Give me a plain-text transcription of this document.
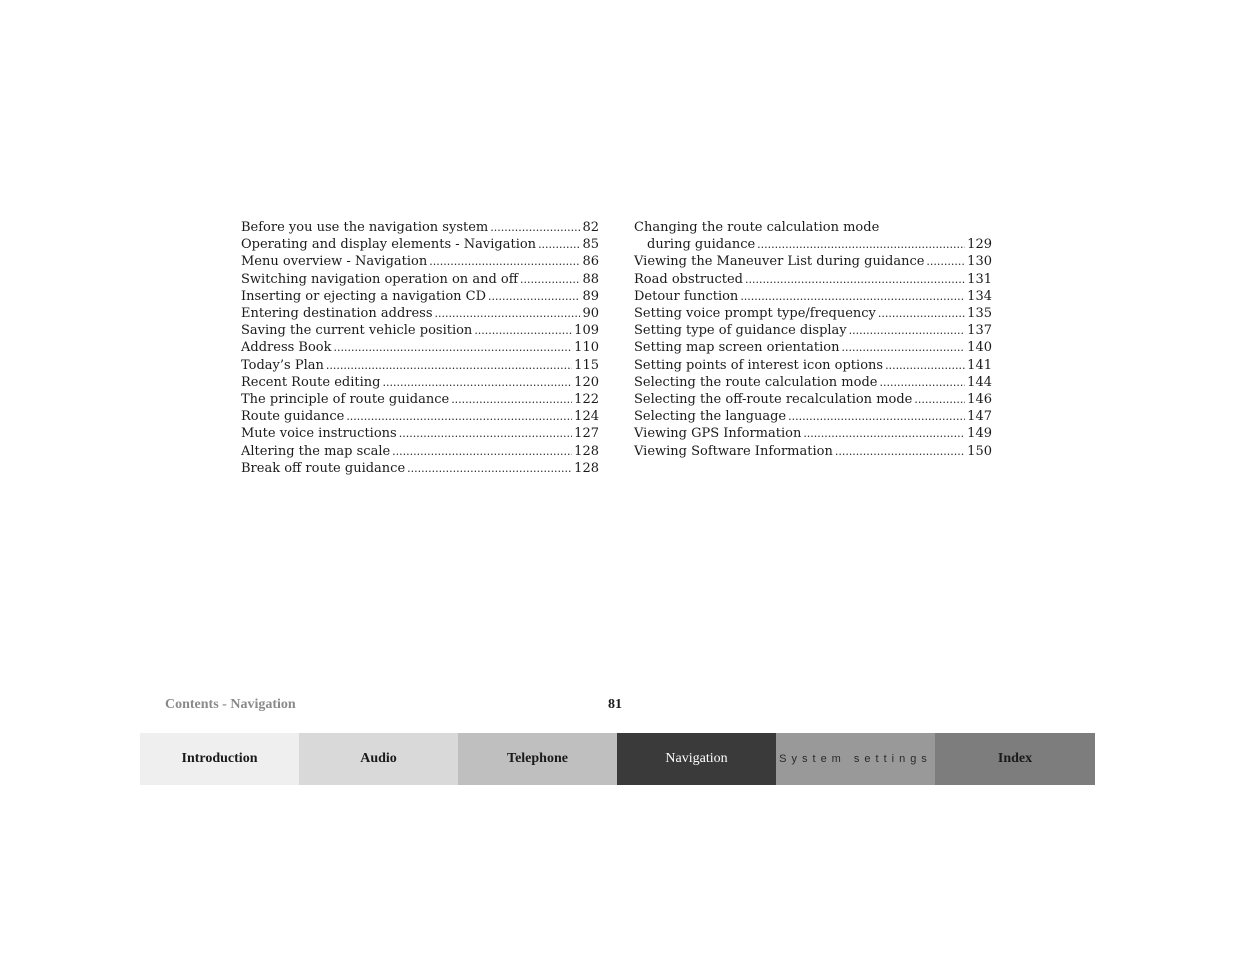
Before you use the navigation system .....	82
Operating and display elements - Navigation .....	85
Menu overview - Navigation .....	86
Switching navigation operation on and off .....	88
Inserting or ejecting a navigation CD .....	89
Entering destination address .....	90
Saving the current vehicle position .....	109
Address Book .....	110
Today’s Plan .....	115
Recent Route editing .....	120
The principle of route guidance .....	122
Route guidance .....	124
Mute voice instructions .....	127
Altering the map scale .....	128
Break off route guidance .....	128
Changing the route calculation mode
during guidance .....	129
Viewing the Maneuver List during guidance .....	130
Road obstructed .....	131
Detour function .....	134
Setting voice prompt type/frequency .....	135
Setting type of guidance display .....	137
Setting map screen orientation .....	140
Setting points of interest icon options .....	141
Selecting the route calculation mode .....	144
Selecting the off-route recalculation mode .....	146
Selecting the language .....	147
Viewing GPS Information .....	149
Viewing Software Information .....	150
Contents - Navigation	81
Introduction	Audio	Telephone	Navigation	System settings	Index
